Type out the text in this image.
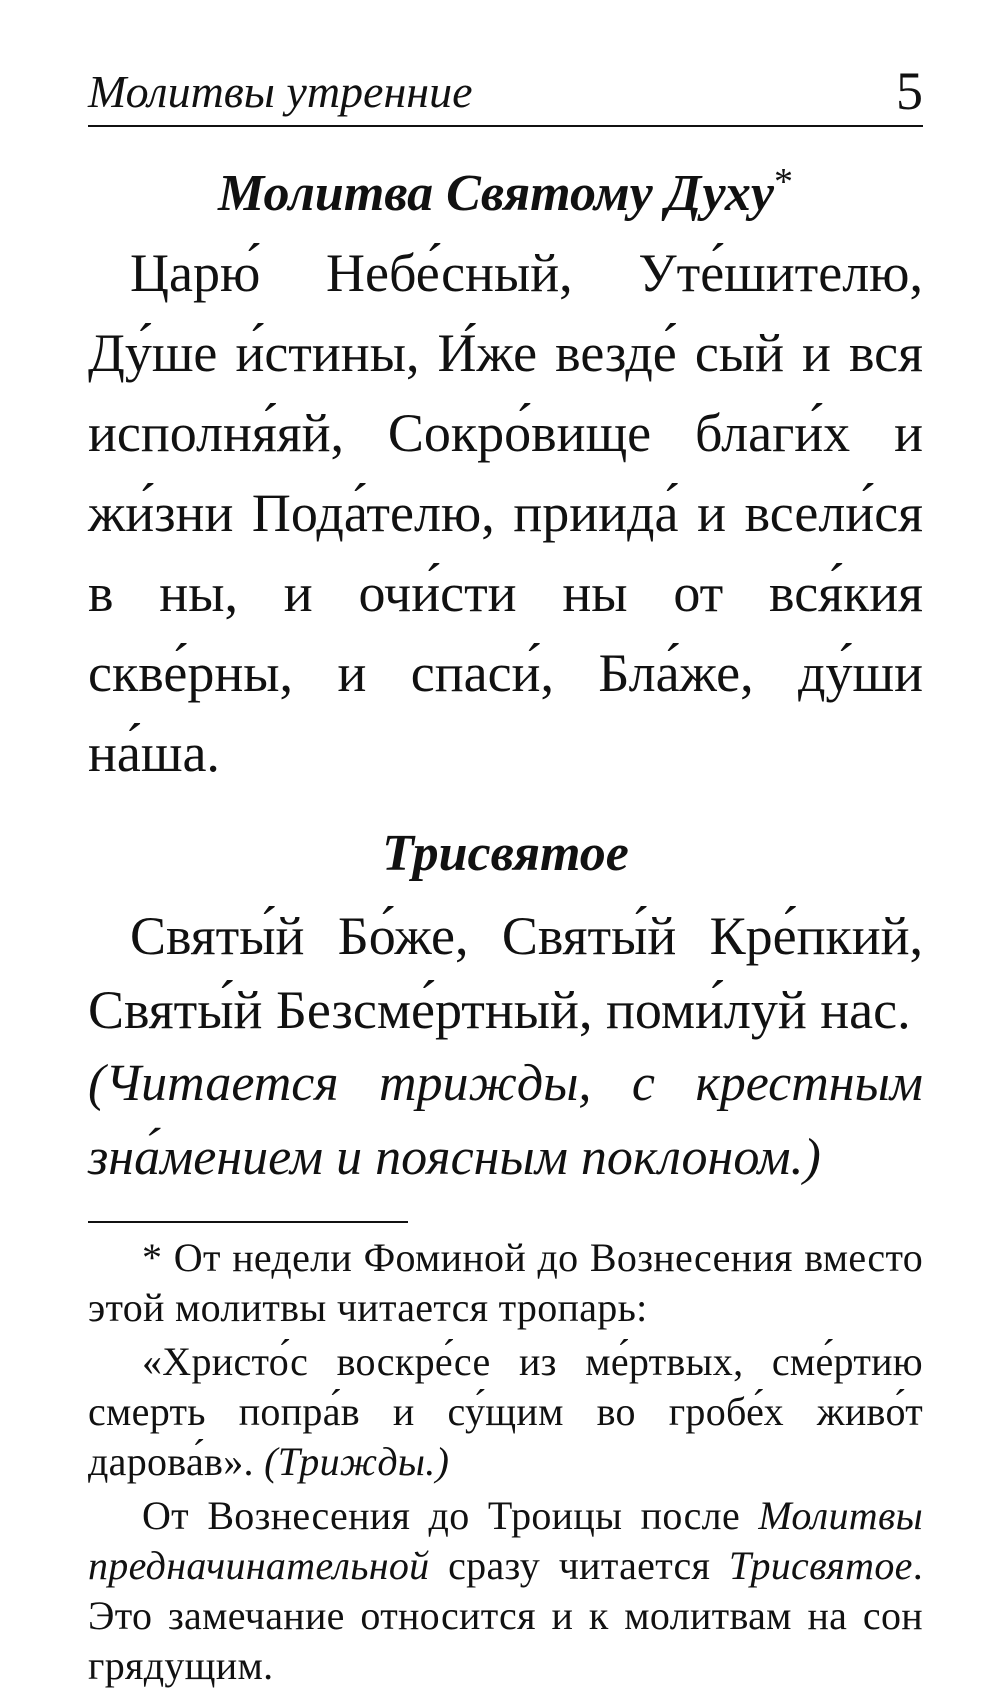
Молитвы утренние	5
Молитва Святому Духу*

Царю́ Небе́сный, Уте́шителю, Ду́ше и́стины, И́же везде́ сый и вся исполня́яй, Сокро́вище благи́х и жи́зни Пода́телю, приида́ и всели́ся в ны, и очи́сти ны от вся́кия скве́рны, и спаси́, Бла́же, ду́ши на́ша.

Трисвятое

Святы́й Бо́же, Святы́й Кре́пкий, Святы́й Безсме́ртный, поми́луй нас.

(Читается трижды, с крестным зна́мением и поясным поклоном.)

* От недели Фоминой до Вознесения вместо этой молитвы читается тропарь:

«Христо́с воскре́се из ме́ртвых, сме́ртию смерть попра́в и су́щим во гробе́х живо́т дарова́в». (Трижды.)

От Вознесения до Троицы после Молитвы предначинательной сразу читается Трисвятое. Это замечание относится и к молитвам на сон грядущим.
